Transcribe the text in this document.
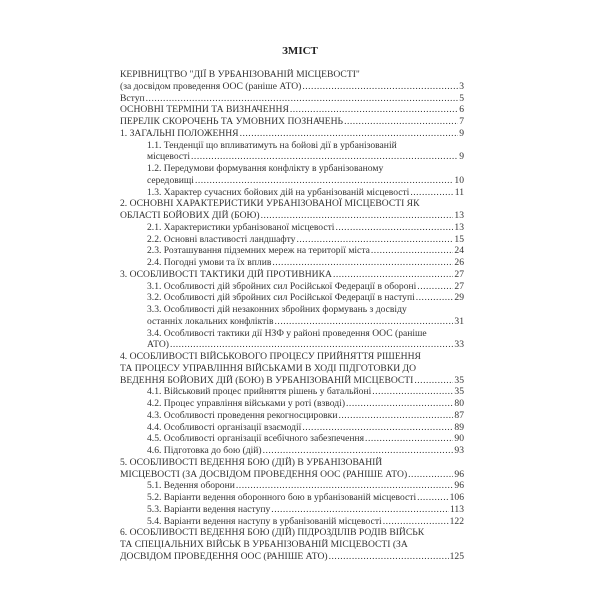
ЗМІСТ
КЕРІВНИЦТВО "ДІЇ В УРБАНІЗОВАНІЙ МІСЦЕВОСТІ"
(за досвідом проведення ООС (раніше АТО) .....	3
Вступ .....	5
ОСНОВНІ ТЕРМІНИ ТА ВИЗНАЧЕННЯ .....	6
ПЕРЕЛІК СКОРОЧЕНЬ ТА УМОВНИХ ПОЗНАЧЕНЬ .....	7
1. ЗАГАЛЬНІ ПОЛОЖЕННЯ .....	9
1.1. Тенденції що впливатимуть на бойові дії в урбанізованій
місцевості .....	9
1.2. Передумови формування конфлікту в урбанізованому
середовищі .....	10
1.3. Характер сучасних бойових дій на урбанізованій місцевості .....	11
2. ОСНОВНІ ХАРАКТЕРИСТИКИ УРБАНІЗОВАНОЇ МІСЦЕВОСТІ ЯК
ОБЛАСТІ БОЙОВИХ ДІЙ (БОЮ) .....	13
2.1. Характеристики урбанізованої місцевості .....	13
2.2. Основні властивості ландшафту .....	15
2.3. Розташування підземних мереж на території міста .....	24
2.4. Погодні умови та їх вплив .....	26
3. ОСОБЛИВОСТІ ТАКТИКИ ДІЙ ПРОТИВНИКА .....	27
3.1. Особливості дій збройних сил Російської Федерації в обороні .....	27
3.2. Особливості дій збройних сил Російської Федерації в наступі .....	29
3.3. Особливості дій незаконних збройних формувань з досвіду
останніх локальних конфліктів .....	31
3.4. Особливості тактики дії НЗФ у районі проведення ООС (раніше
АТО) .....	33
4. ОСОБЛИВОСТІ ВІЙСЬКОВОГО ПРОЦЕСУ ПРИЙНЯТТЯ РІШЕННЯ
ТА ПРОЦЕСУ УПРАВЛІННЯ ВІЙСЬКАМИ В ХОДІ ПІДГОТОВКИ ДО
ВЕДЕННЯ БОЙОВИХ ДІЙ (БОЮ) В УРБАНІЗОВАНІЙ МІСЦЕВОСТІ .....	35
4.1. Військовий процес прийняття рішень у батальйоні .....	35
4.2. Процес управління військами у роті (взводі) .....	80
4.3. Особливості проведення рекогносцировки .....	87
4.4. Особливості організації взаємодії .....	89
4.5. Особливості організації всебічного забезпечення .....	90
4.6. Підготовка до бою (дій) .....	93
5. ОСОБЛИВОСТІ ВЕДЕННЯ БОЮ (ДІЙ) В УРБАНІЗОВАНІЙ
МІСЦЕВОСТІ (ЗА ДОСВІДОМ ПРОВЕДЕННЯ ООС (РАНІШЕ АТО) .....	96
5.1. Ведення оборони .....	96
5.2. Варіанти ведення оборонного бою в урбанізованій місцевості .....	106
5.3. Варіанти ведення наступу .....	113
5.4. Варіанти ведення наступу в урбанізованій місцевості .....	122
6. ОСОБЛИВОСТІ ВЕДЕННЯ БОЮ (ДІЙ) ПІДРОЗДІЛІВ РОДІВ ВІЙСЬК
ТА СПЕЦІАЛЬНИХ ВІЙСЬК В УРБАНІЗОВАНІЙ МІСЦЕВОСТІ (ЗА
ДОСВІДОМ ПРОВЕДЕННЯ ООС (РАНІШЕ АТО) .....	125
